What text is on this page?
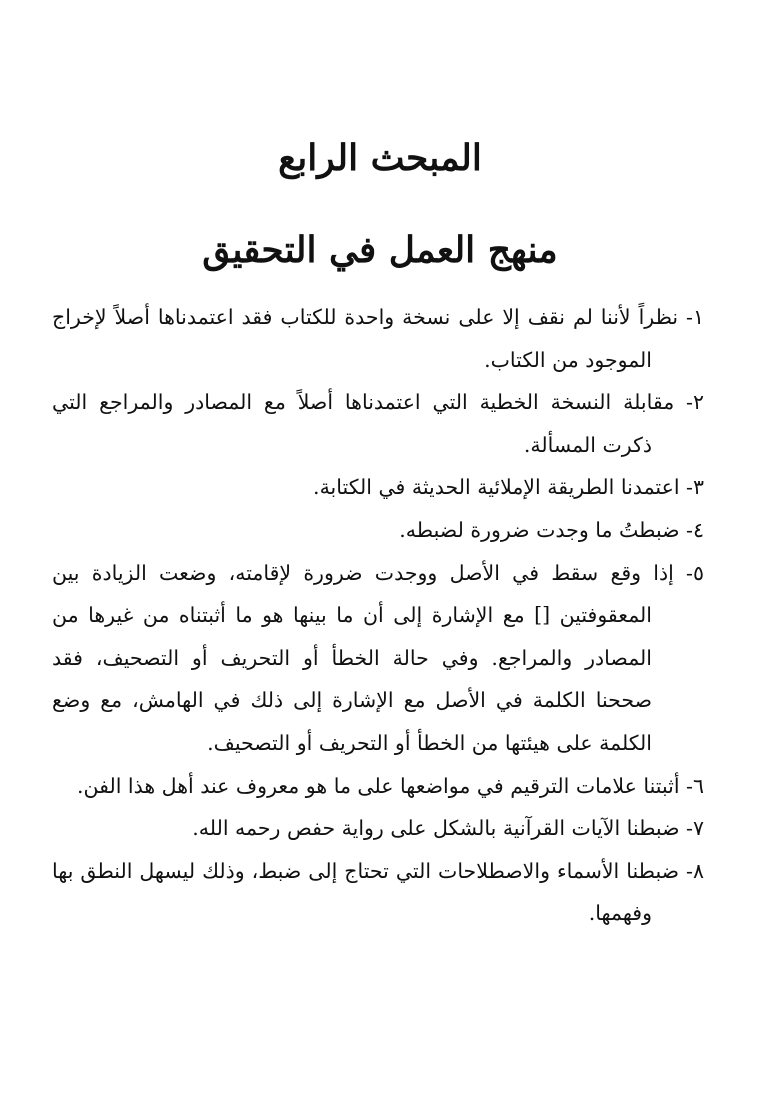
المبحث الرابع
منهج العمل في التحقيق
١- نظراً لأننا لم نقف إلا على نسخة واحدة للكتاب فقد اعتمدناها أصلاً لإخراج الموجود من الكتاب.
٢- مقابلة النسخة الخطية التي اعتمدناها أصلاً مع المصادر والمراجع التي ذكرت المسألة.
٣- اعتمدنا الطريقة الإملائية الحديثة في الكتابة.
٤- ضبطتُ ما وجدت ضرورة لضبطه.
٥- إذا وقع سقط في الأصل ووجدت ضرورة لإقامته، وضعت الزيادة بين المعقوفتين [] مع الإشارة إلى أن ما بينها هو ما أثبتناه من غيرها من المصادر والمراجع. وفي حالة الخطأ أو التحريف أو التصحيف، فقد صححنا الكلمة في الأصل مع الإشارة إلى ذلك في الهامش، مع وضع الكلمة على هيئتها من الخطأ أو التحريف أو التصحيف.
٦- أثبتنا علامات الترقيم في مواضعها على ما هو معروف عند أهل هذا الفن.
٧- ضبطنا الآيات القرآنية بالشكل على رواية حفص رحمه الله.
٨- ضبطنا الأسماء والاصطلاحات التي تحتاج إلى ضبط، وذلك ليسهل النطق بها وفهمها.
